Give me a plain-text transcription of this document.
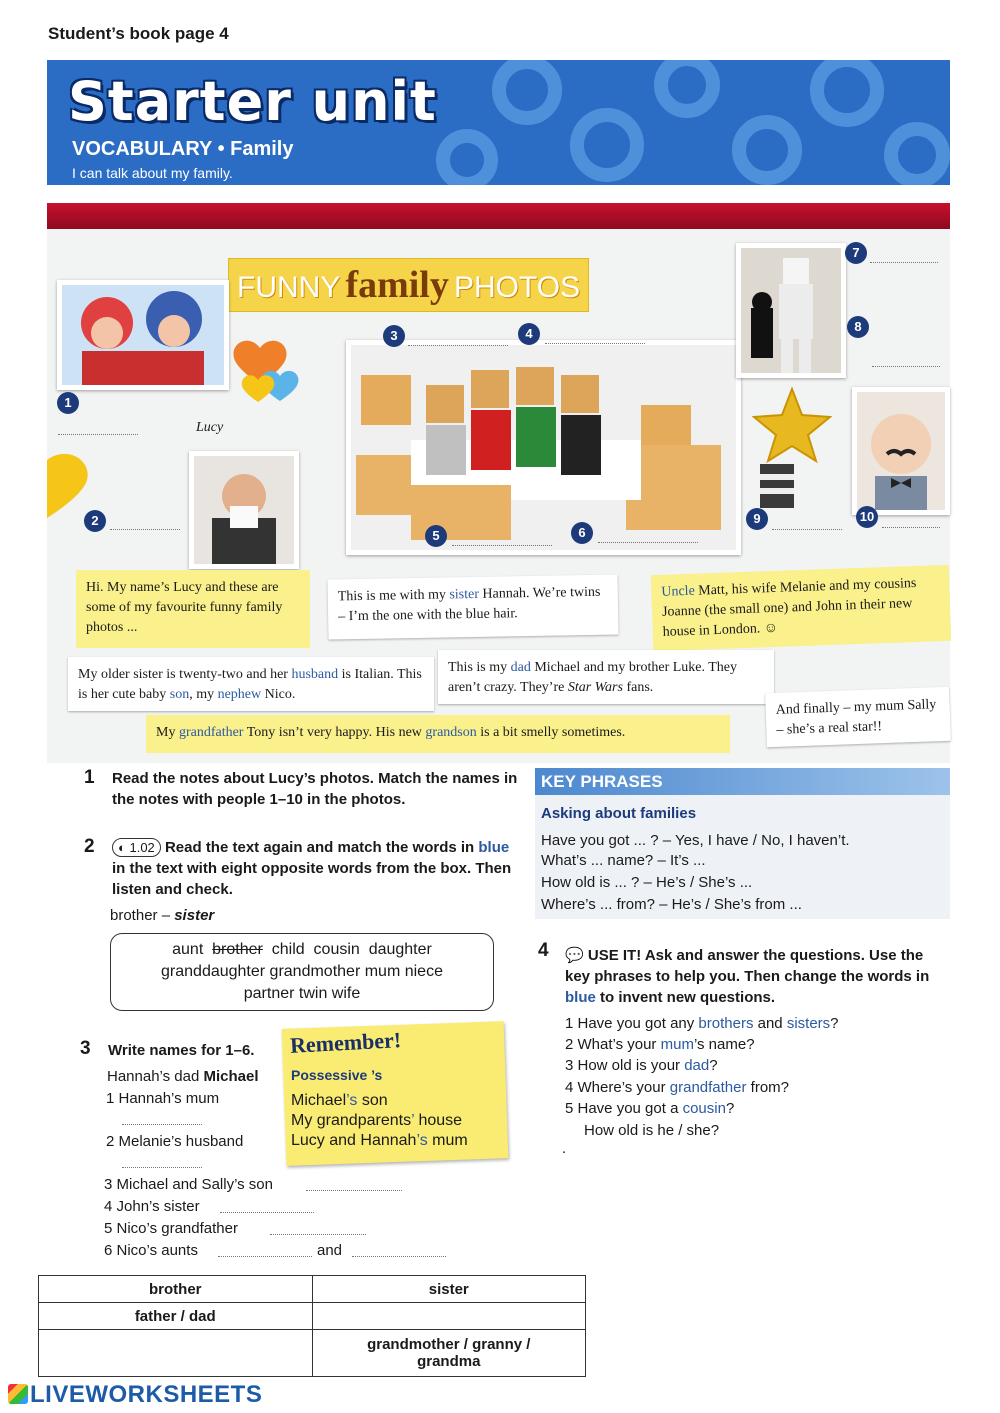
Student’s book page 4
Starter unit
VOCABULARY • Family
I can talk about my family.
FUNNY family PHOTOS
1
2
3	4
5	6
7
8
9	10
Lucy
Hi. My name’s Lucy and these are some of my favourite funny family photos ...
This is me with my sister Hannah. We’re twins – I’m the one with the blue hair.
Uncle Matt, his wife Melanie and my cousins Joanne (the small one) and John in their new house in London. ☺
My older sister is twenty-two and her husband is Italian. This is her cute baby son, my nephew Nico.
This is my dad Michael and my brother Luke. They aren’t crazy. They’re Star Wars fans.
And finally – my mum Sally – she’s a real star!!
My grandfather Tony isn’t very happy. His new grandson is a bit smelly sometimes.
1 Read the notes about Lucy’s photos. Match the names in the notes with people 1–10 in the photos.
2	◐ 1.02 Read the text again and match the words in blue in the text with eight opposite words from the box. Then listen and check.
brother – sister
aunt brother child cousin daughter
granddaughter grandmother mum niece
partner twin wife
3 Write names for 1–6.
Hannah’s dad Michael
1 Hannah’s mum
2 Melanie’s husband
3 Michael and Sally’s son
4 John’s sister
5 Nico’s grandfather
6 Nico’s aunts	and
Remember!
Possessive ’s
Michael’s son
My grandparents’ house
Lucy and Hannah’s mum
KEY PHRASES
Asking about families
Have you got ... ? – Yes, I have / No, I haven’t.
What’s ... name? – It’s ...
How old is ... ? – He’s / She’s ...
Where’s ... from? – He’s / She’s from ...
4 💬 USE IT! Ask and answer the questions. Use the key phrases to help you. Then change the words in blue to invent new questions.
1 Have you got any brothers and sisters?
2 What’s your mum’s name?
3 How old is your dad?
4 Where’s your grandfather from?
5 Have you got a cousin?
How old is he / she?
.
brother	sister
father / dad	
	grandmother / granny / grandma
LIVEWORKSHEETS
